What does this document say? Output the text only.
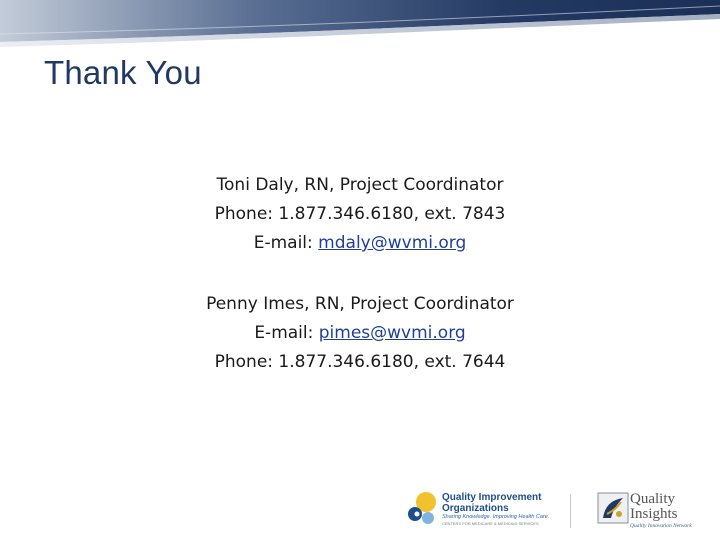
Thank You
Toni Daly, RN, Project Coordinator
Phone: 1.877.346.6180, ext. 7843
E-mail: mdaly@wvmi.org
Penny Imes, RN, Project Coordinator
E-mail: pimes@wvmi.org
Phone: 1.877.346.6180, ext. 7644
Quality Improvement
Organizations
Sharing Knowledge. Improving Health Care.
CENTERS FOR MEDICARE & MEDICAID SERVICES
Quality
Insights
Quality Innovation Network
